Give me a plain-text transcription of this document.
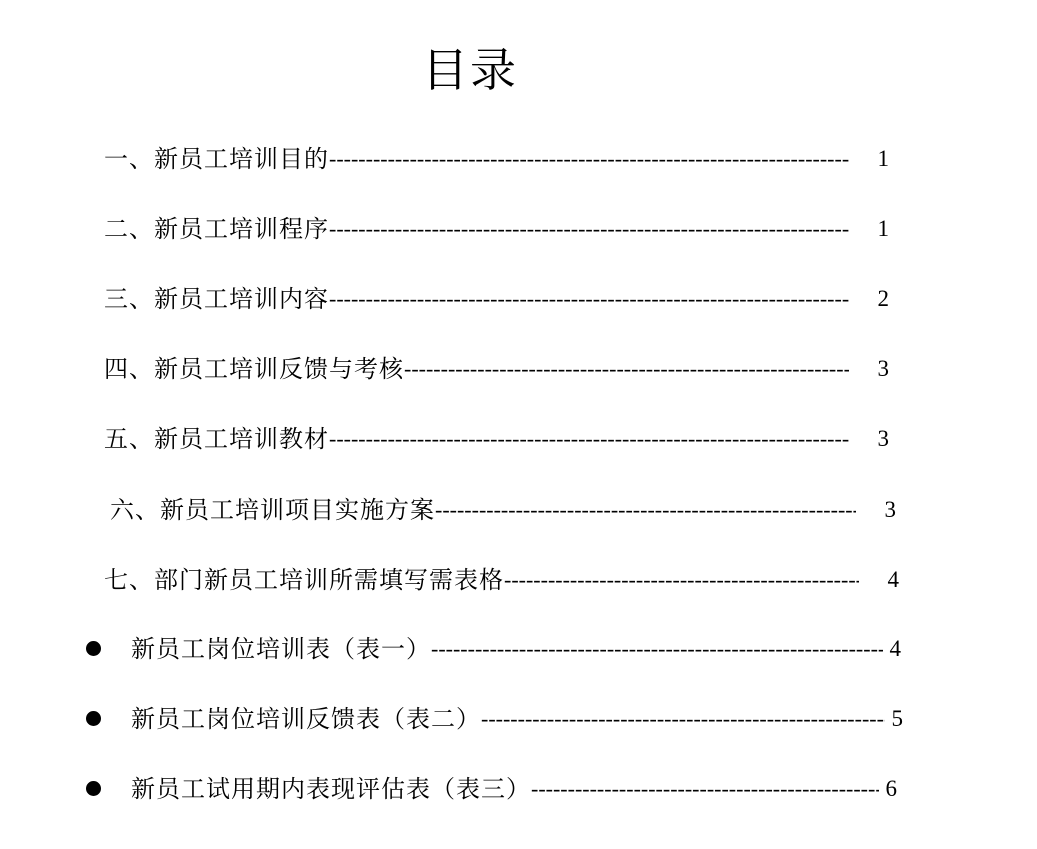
目录
一、新员工培训目的 -----	1
二、新员工培训程序 -----	1
三、新员工培训内容 -----	2
四、新员工培训反馈与考核 -----	3
五、新员工培训教材 -----	3
六、新员工培训项目实施方案 -----	3
七、部门新员工培训所需填写需表格 -----	4
新员工岗位培训表（表一） -----	4
新员工岗位培训反馈表（表二） -----	5
新员工试用期内表现评估表（表三） -----	6
